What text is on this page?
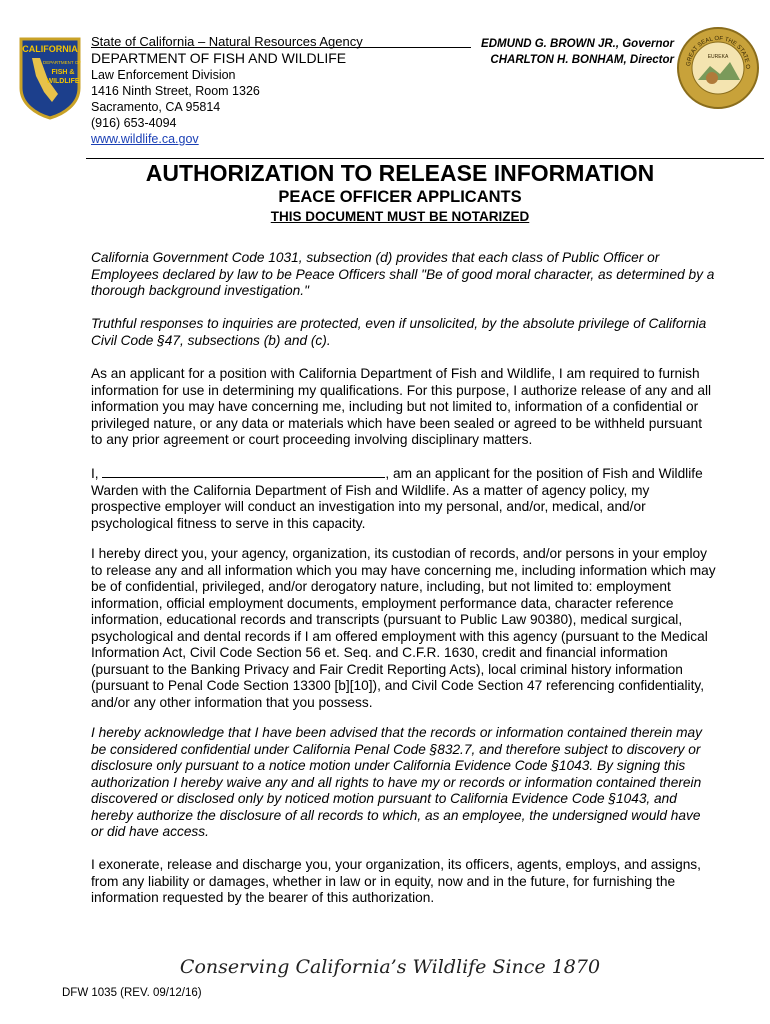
CALIFORNIA
DEPARTMENT OF
FISH &
WILDLIFE
State of California – Natural Resources Agency
DEPARTMENT OF FISH AND WILDLIFE
Law Enforcement Division
1416 Ninth Street, Room 1326
Sacramento, CA 95814
(916) 653-4094
www.wildlife.ca.gov
EDMUND G. BROWN JR., Governor
CHARLTON H. BONHAM, Director	GREAT SEAL OF THE STATE O
EUREKA
AUTHORIZATION TO RELEASE INFORMATION
PEACE OFFICER APPLICANTS
THIS DOCUMENT MUST BE NOTARIZED

California Government Code 1031, subsection (d) provides that each class of Public Officer or Employees declared by law to be Peace Officers shall "Be of good moral character, as determined by a thorough background investigation."

Truthful responses to inquiries are protected, even if unsolicited, by the absolute privilege of California Civil Code §47, subsections (b) and (c).

As an applicant for a position with California Department of Fish and Wildlife, I am required to furnish information for use in determining my qualifications. For this purpose, I authorize release of any and all information you may have concerning me, including but not limited to, information of a confidential or privileged nature, or any data or materials which have been sealed or agreed to be withheld pursuant to any prior agreement or court proceeding involving disciplinary matters.

I,	, am an applicant for the position of Fish and Wildlife Warden with the California Department of Fish and Wildlife. As a matter of agency policy, my prospective employer will conduct an investigation into my personal, and/or, medical, and/or psychological fitness to serve in this capacity.

I hereby direct you, your agency, organization, its custodian of records, and/or persons in your employ to release any and all information which you may have concerning me, including information which may be of confidential, privileged, and/or derogatory nature, including, but not limited to: employment information, official employment documents, employment performance data, character reference information, educational records and transcripts (pursuant to Public Law 90380), medical surgical, psychological and dental records if I am offered employment with this agency (pursuant to the Medical Information Act, Civil Code Section 56 et. Seq. and C.F.R. 1630, credit and financial information (pursuant to the Banking Privacy and Fair Credit Reporting Acts), local criminal history information (pursuant to Penal Code Section 13300 [b][10]), and Civil Code Section 47 referencing confidentiality, and/or any other information that you possess.

I hereby acknowledge that I have been advised that the records or information contained therein may be considered confidential under California Penal Code §832.7, and therefore subject to discovery or disclosure only pursuant to a notice motion under California Evidence Code §1043. By signing this authorization I hereby waive any and all rights to have my or records or information contained therein discovered or disclosed only by noticed motion pursuant to California Evidence Code §1043, and hereby authorize the disclosure of all records to which, as an employee, the undersigned would have or did have access.

I exonerate, release and discharge you, your organization, its officers, agents, employs, and assigns, from any liability or damages, whether in law or in equity, now and in the future, for furnishing the information requested by the bearer of this authorization.

Conserving California’s Wildlife Since 1870
DFW 1035 (REV. 09/12/16)
